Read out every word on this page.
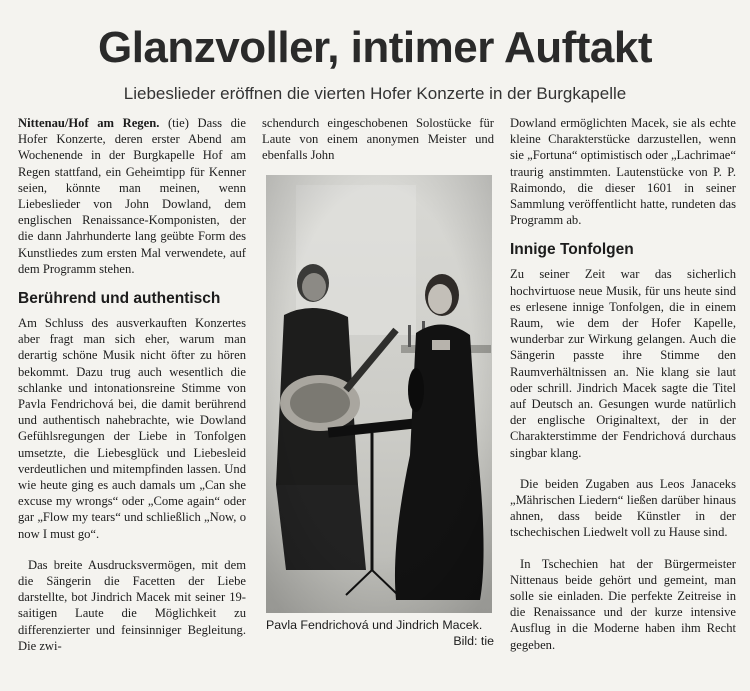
Glanzvoller, intimer Auftakt
Liebeslieder eröffnen die vierten Hofer Konzerte in der Burgkapelle

Nittenau/Hof am Regen. (tie) Dass die Hofer Konzerte, deren erster Abend am Wochenende in der Burgkapelle Hof am Regen stattfand, ein Geheimtipp für Kenner seien, könnte man meinen, wenn Liebeslieder von John Dowland, dem englischen Renaissance-Komponisten, der die dann Jahrhunderte lang geübte Form des Kunstliedes zum ersten Mal verwendete, auf dem Programm stehen.

Berührend und authentisch

Am Schluss des ausverkauften Konzertes aber fragt man sich eher, warum man derartig schöne Musik nicht öfter zu hören bekommt. Dazu trug auch wesentlich die schlanke und intonationsreine Stimme von Pavla Fendrichová bei, die damit berührend und authentisch nahebrachte, wie Dowland Gefühlsregungen der Liebe in Tonfolgen umsetzte, die Liebesglück und Liebesleid verdeutlichen und mitempfinden lassen. Und wie heute ging es auch damals um „Can she excuse my wrongs“ oder „Come again“ oder gar „Flow my tears“ und schließlich „Now, o now I must go“.

Das breite Ausdrucksvermögen, mit dem die Sängerin die Facetten der Liebe darstellte, bot Jindrich Macek mit seiner 19-saitigen Laute die Möglichkeit zu differenzierter und feinsinniger Begleitung. Die zwi-

schendurch eingeschobenen Solostücke für Laute von einem anonymen Meister und ebenfalls John

Pavla Fendrichová und Jindrich Macek.
Bild: tie

Dowland ermöglichten Macek, sie als echte kleine Charakterstücke darzustellen, wenn sie „Fortuna“ optimistisch oder „Lachrimae“ traurig anstimmten. Lautenstücke von P. P. Raimondo, die dieser 1601 in seiner Sammlung veröffentlicht hatte, rundeten das Programm ab.

Innige Tonfolgen

Zu seiner Zeit war das sicherlich hochvirtuose neue Musik, für uns heute sind es erlesene innige Tonfolgen, die in einem Raum, wie dem der Hofer Kapelle, wunderbar zur Wirkung gelangen. Auch die Sängerin passte ihre Stimme den Raumverhältnissen an. Nie klang sie laut oder schrill. Jindrich Macek sagte die Titel auf Deutsch an. Gesungen wurde natürlich der englische Originaltext, der in der Charakterstimme der Fendrichová durchaus singbar klang.

Die beiden Zugaben aus Leos Janaceks „Mährischen Liedern“ ließen darüber hinaus ahnen, dass beide Künstler in der tschechischen Liedwelt voll zu Hause sind.

In Tschechien hat der Bürgermeister Nittenaus beide gehört und gemeint, man solle sie einladen. Die perfekte Zeitreise in die Renaissance und der kurze intensive Ausflug in die Moderne haben ihm Recht gegeben.
